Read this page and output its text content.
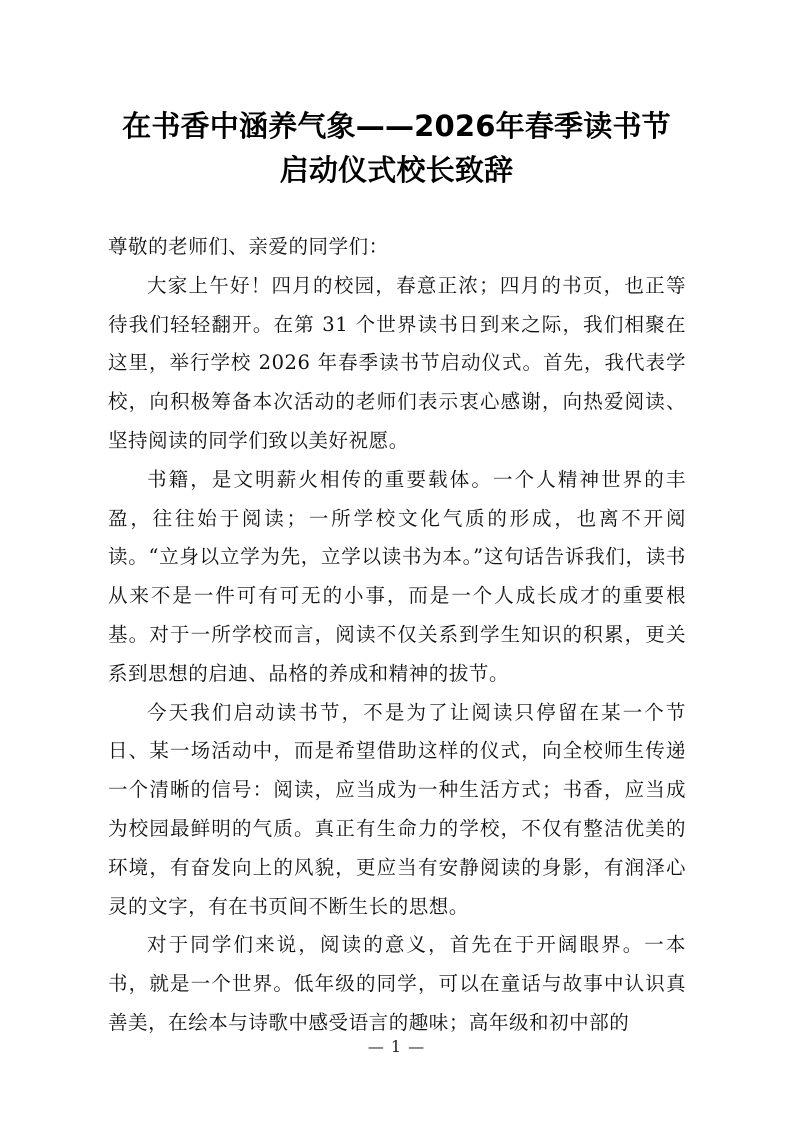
在书香中涵养气象——2026年春季读书节
启动仪式校长致辞

尊敬的老师们、亲爱的同学们：

大家上午好！四月的校园，春意正浓；四月的书页，也正等待我们轻轻翻开。在第 31 个世界读书日到来之际，我们相聚在这里，举行学校 2026 年春季读书节启动仪式。首先，我代表学校，向积极筹备本次活动的老师们表示衷心感谢，向热爱阅读、坚持阅读的同学们致以美好祝愿。

书籍，是文明薪火相传的重要载体。一个人精神世界的丰盈，往往始于阅读；一所学校文化气质的形成，也离不开阅读。“立身以立学为先，立学以读书为本。”这句话告诉我们，读书从来不是一件可有可无的小事，而是一个人成长成才的重要根基。对于一所学校而言，阅读不仅关系到学生知识的积累，更关系到思想的启迪、品格的养成和精神的拔节。

今天我们启动读书节，不是为了让阅读只停留在某一个节日、某一场活动中，而是希望借助这样的仪式，向全校师生传递一个清晰的信号：阅读，应当成为一种生活方式；书香，应当成为校园最鲜明的气质。真正有生命力的学校，不仅有整洁优美的环境，有奋发向上的风貌，更应当有安静阅读的身影，有润泽心灵的文字，有在书页间不断生长的思想。

对于同学们来说，阅读的意义，首先在于开阔眼界。一本书，就是一个世界。低年级的同学，可以在童话与故事中认识真善美，在绘本与诗歌中感受语言的趣味；高年级和初中部的

— 1 —
